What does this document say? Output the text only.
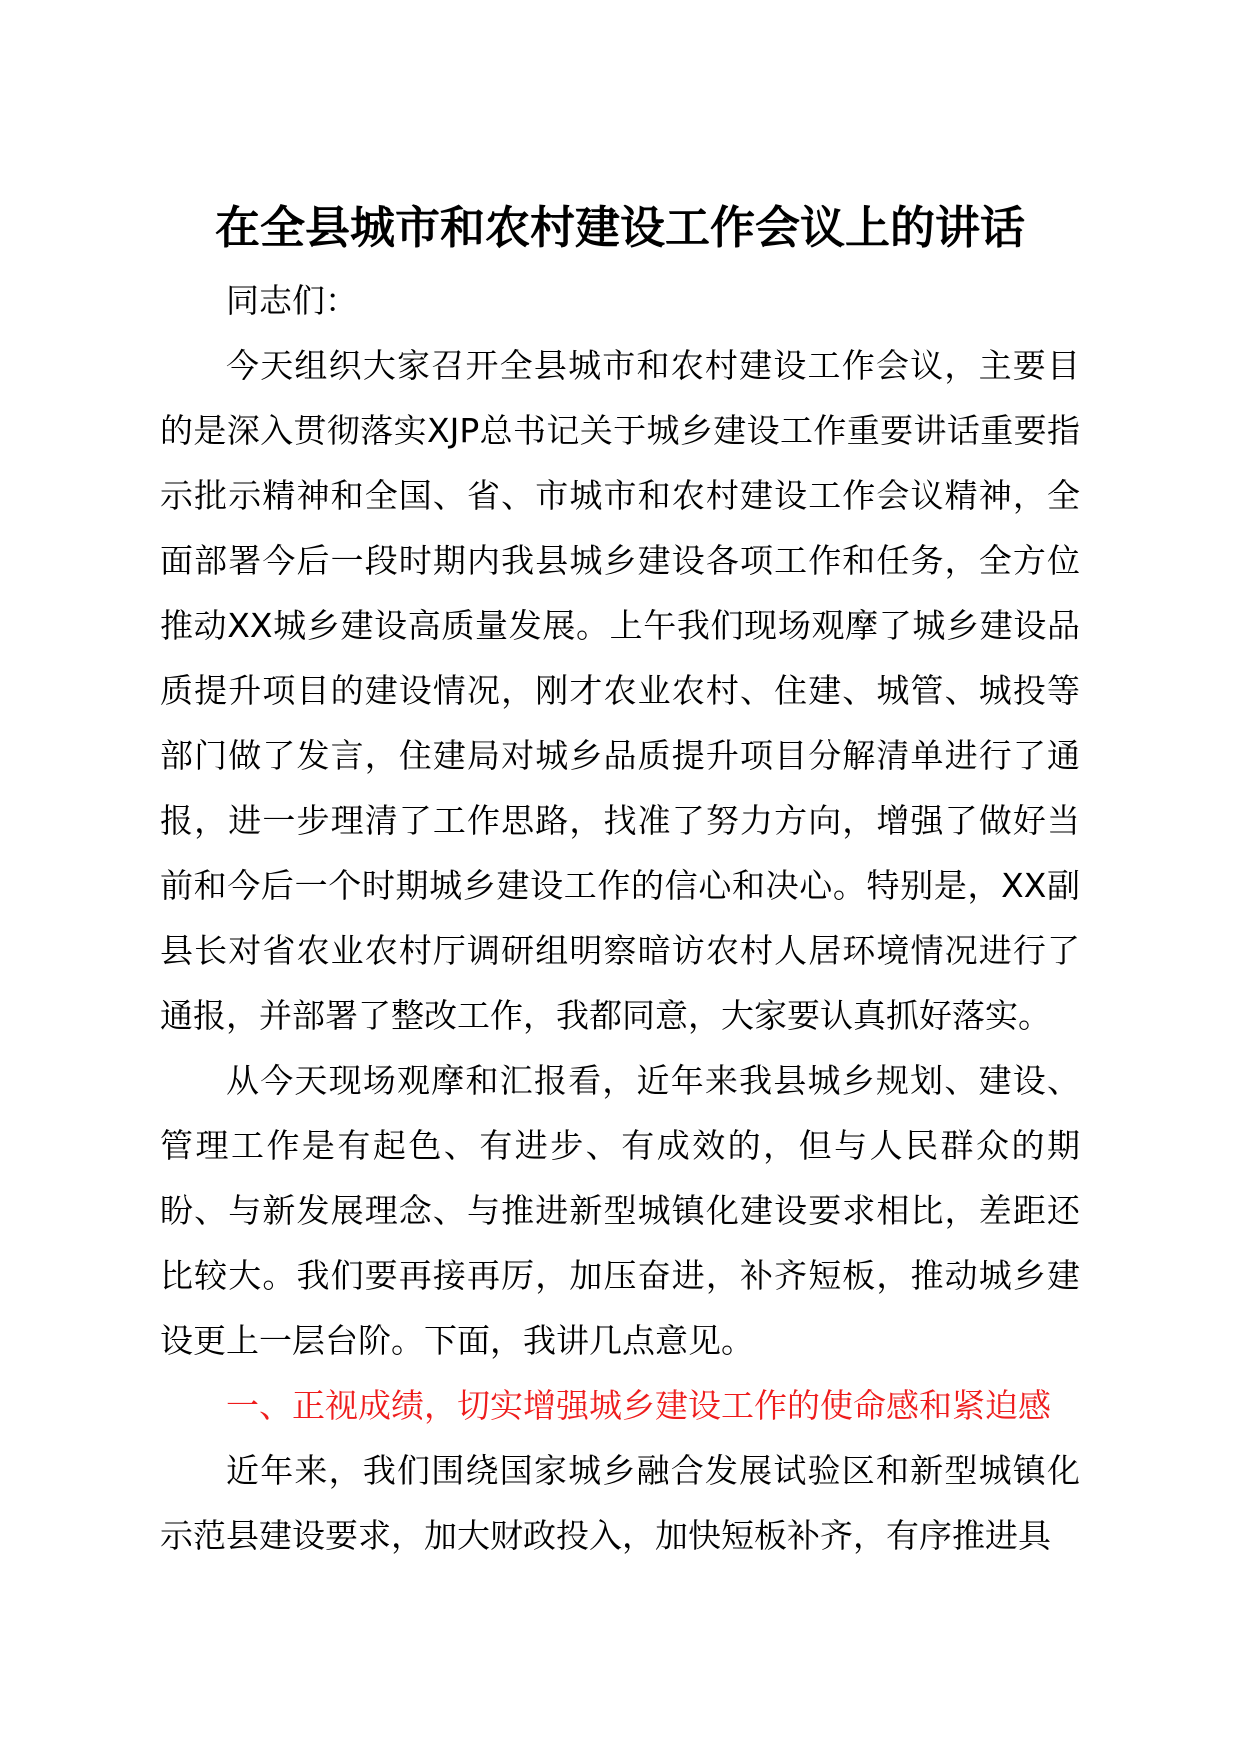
在全县城市和农村建设工作会议上的讲话

同志们：

今天组织大家召开全县城市和农村建设工作会议，主要目的是深入贯彻落实XJP总书记关于城乡建设工作重要讲话重要指示批示精神和全国、省、市城市和农村建设工作会议精神，全面部署今后一段时期内我县城乡建设各项工作和任务，全方位推动XX城乡建设高质量发展。上午我们现场观摩了城乡建设品质提升项目的建设情况，刚才农业农村、住建、城管、城投等部门做了发言，住建局对城乡品质提升项目分解清单进行了通报，进一步理清了工作思路，找准了努力方向，增强了做好当前和今后一个时期城乡建设工作的信心和决心。特别是，XX副县长对省农业农村厅调研组明察暗访农村人居环境情况进行了通报，并部署了整改工作，我都同意，大家要认真抓好落实。

从今天现场观摩和汇报看，近年来我县城乡规划、建设、管理工作是有起色、有进步、有成效的，但与人民群众的期盼、与新发展理念、与推进新型城镇化建设要求相比，差距还比较大。我们要再接再厉，加压奋进，补齐短板，推动城乡建设更上一层台阶。下面，我讲几点意见。

一、正视成绩，切实增强城乡建设工作的使命感和紧迫感

近年来，我们围绕国家城乡融合发展试验区和新型城镇化示范县建设要求，加大财政投入，加快短板补齐，有序推进具
